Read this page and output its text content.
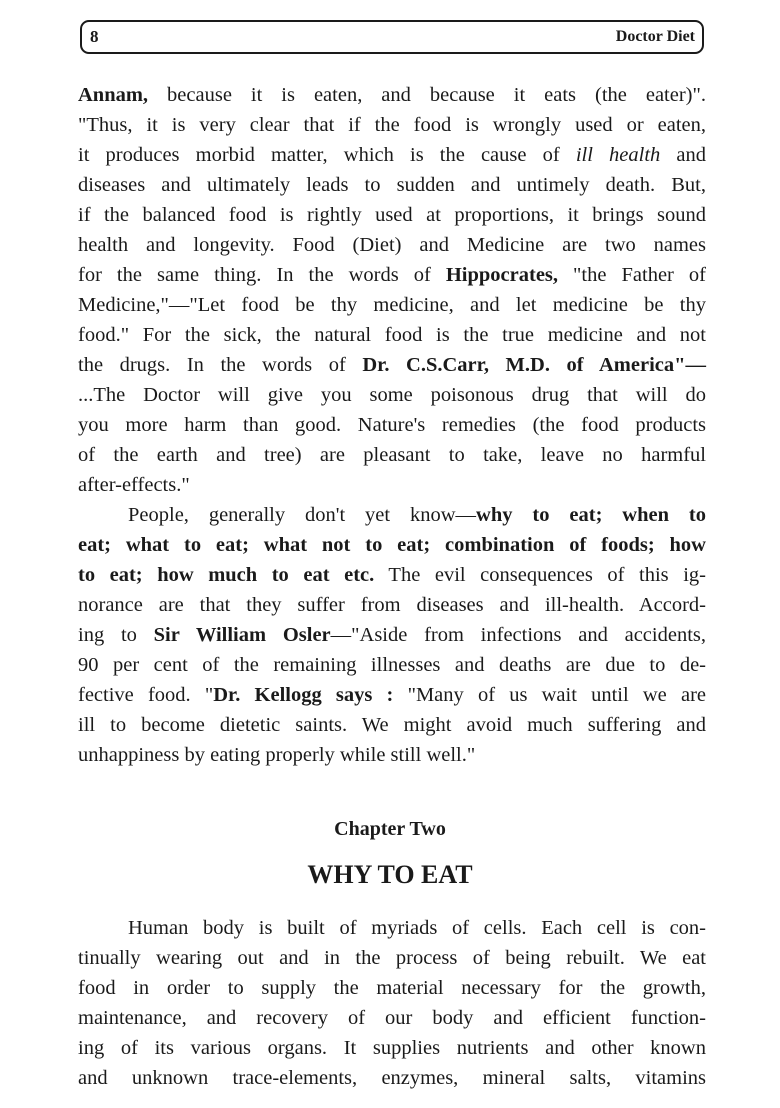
8	Doctor Diet
Annam, because it is eaten, and because it eats (the eater)".
"Thus, it is very clear that if the food is wrongly used or eaten,
it produces morbid matter, which is the cause of ill health and
diseases and ultimately leads to sudden and untimely death. But,
if the balanced food is rightly used at proportions, it brings sound
health and longevity. Food (Diet) and Medicine are two names
for the same thing. In the words of Hippocrates, "the Father of
Medicine,"—"Let food be thy medicine, and let medicine be thy
food." For the sick, the natural food is the true medicine and not
the drugs. In the words of Dr. C.S.Carr, M.D. of America"—
...The Doctor will give you some poisonous drug that will do
you more harm than good. Nature's remedies (the food products
of the earth and tree) are pleasant to take, leave no harmful
after-effects."
People, generally don't yet know—why to eat; when to
eat; what to eat; what not to eat; combination of foods; how
to eat; how much to eat etc. The evil consequences of this ig-
norance are that they suffer from diseases and ill-health. Accord-
ing to Sir William Osler—"Aside from infections and accidents,
90 per cent of the remaining illnesses and deaths are due to de-
fective food. "Dr. Kellogg says : "Many of us wait until we are
ill to become dietetic saints. We might avoid much suffering and
unhappiness by eating properly while still well."
Chapter Two
WHY TO EAT
Human body is built of myriads of cells. Each cell is con-
tinually wearing out and in the process of being rebuilt. We eat
food in order to supply the material necessary for the growth,
maintenance, and recovery of our body and efficient function-
ing of its various organs. It supplies nutrients and other known
and unknown trace-elements, enzymes, mineral salts, vitamins
